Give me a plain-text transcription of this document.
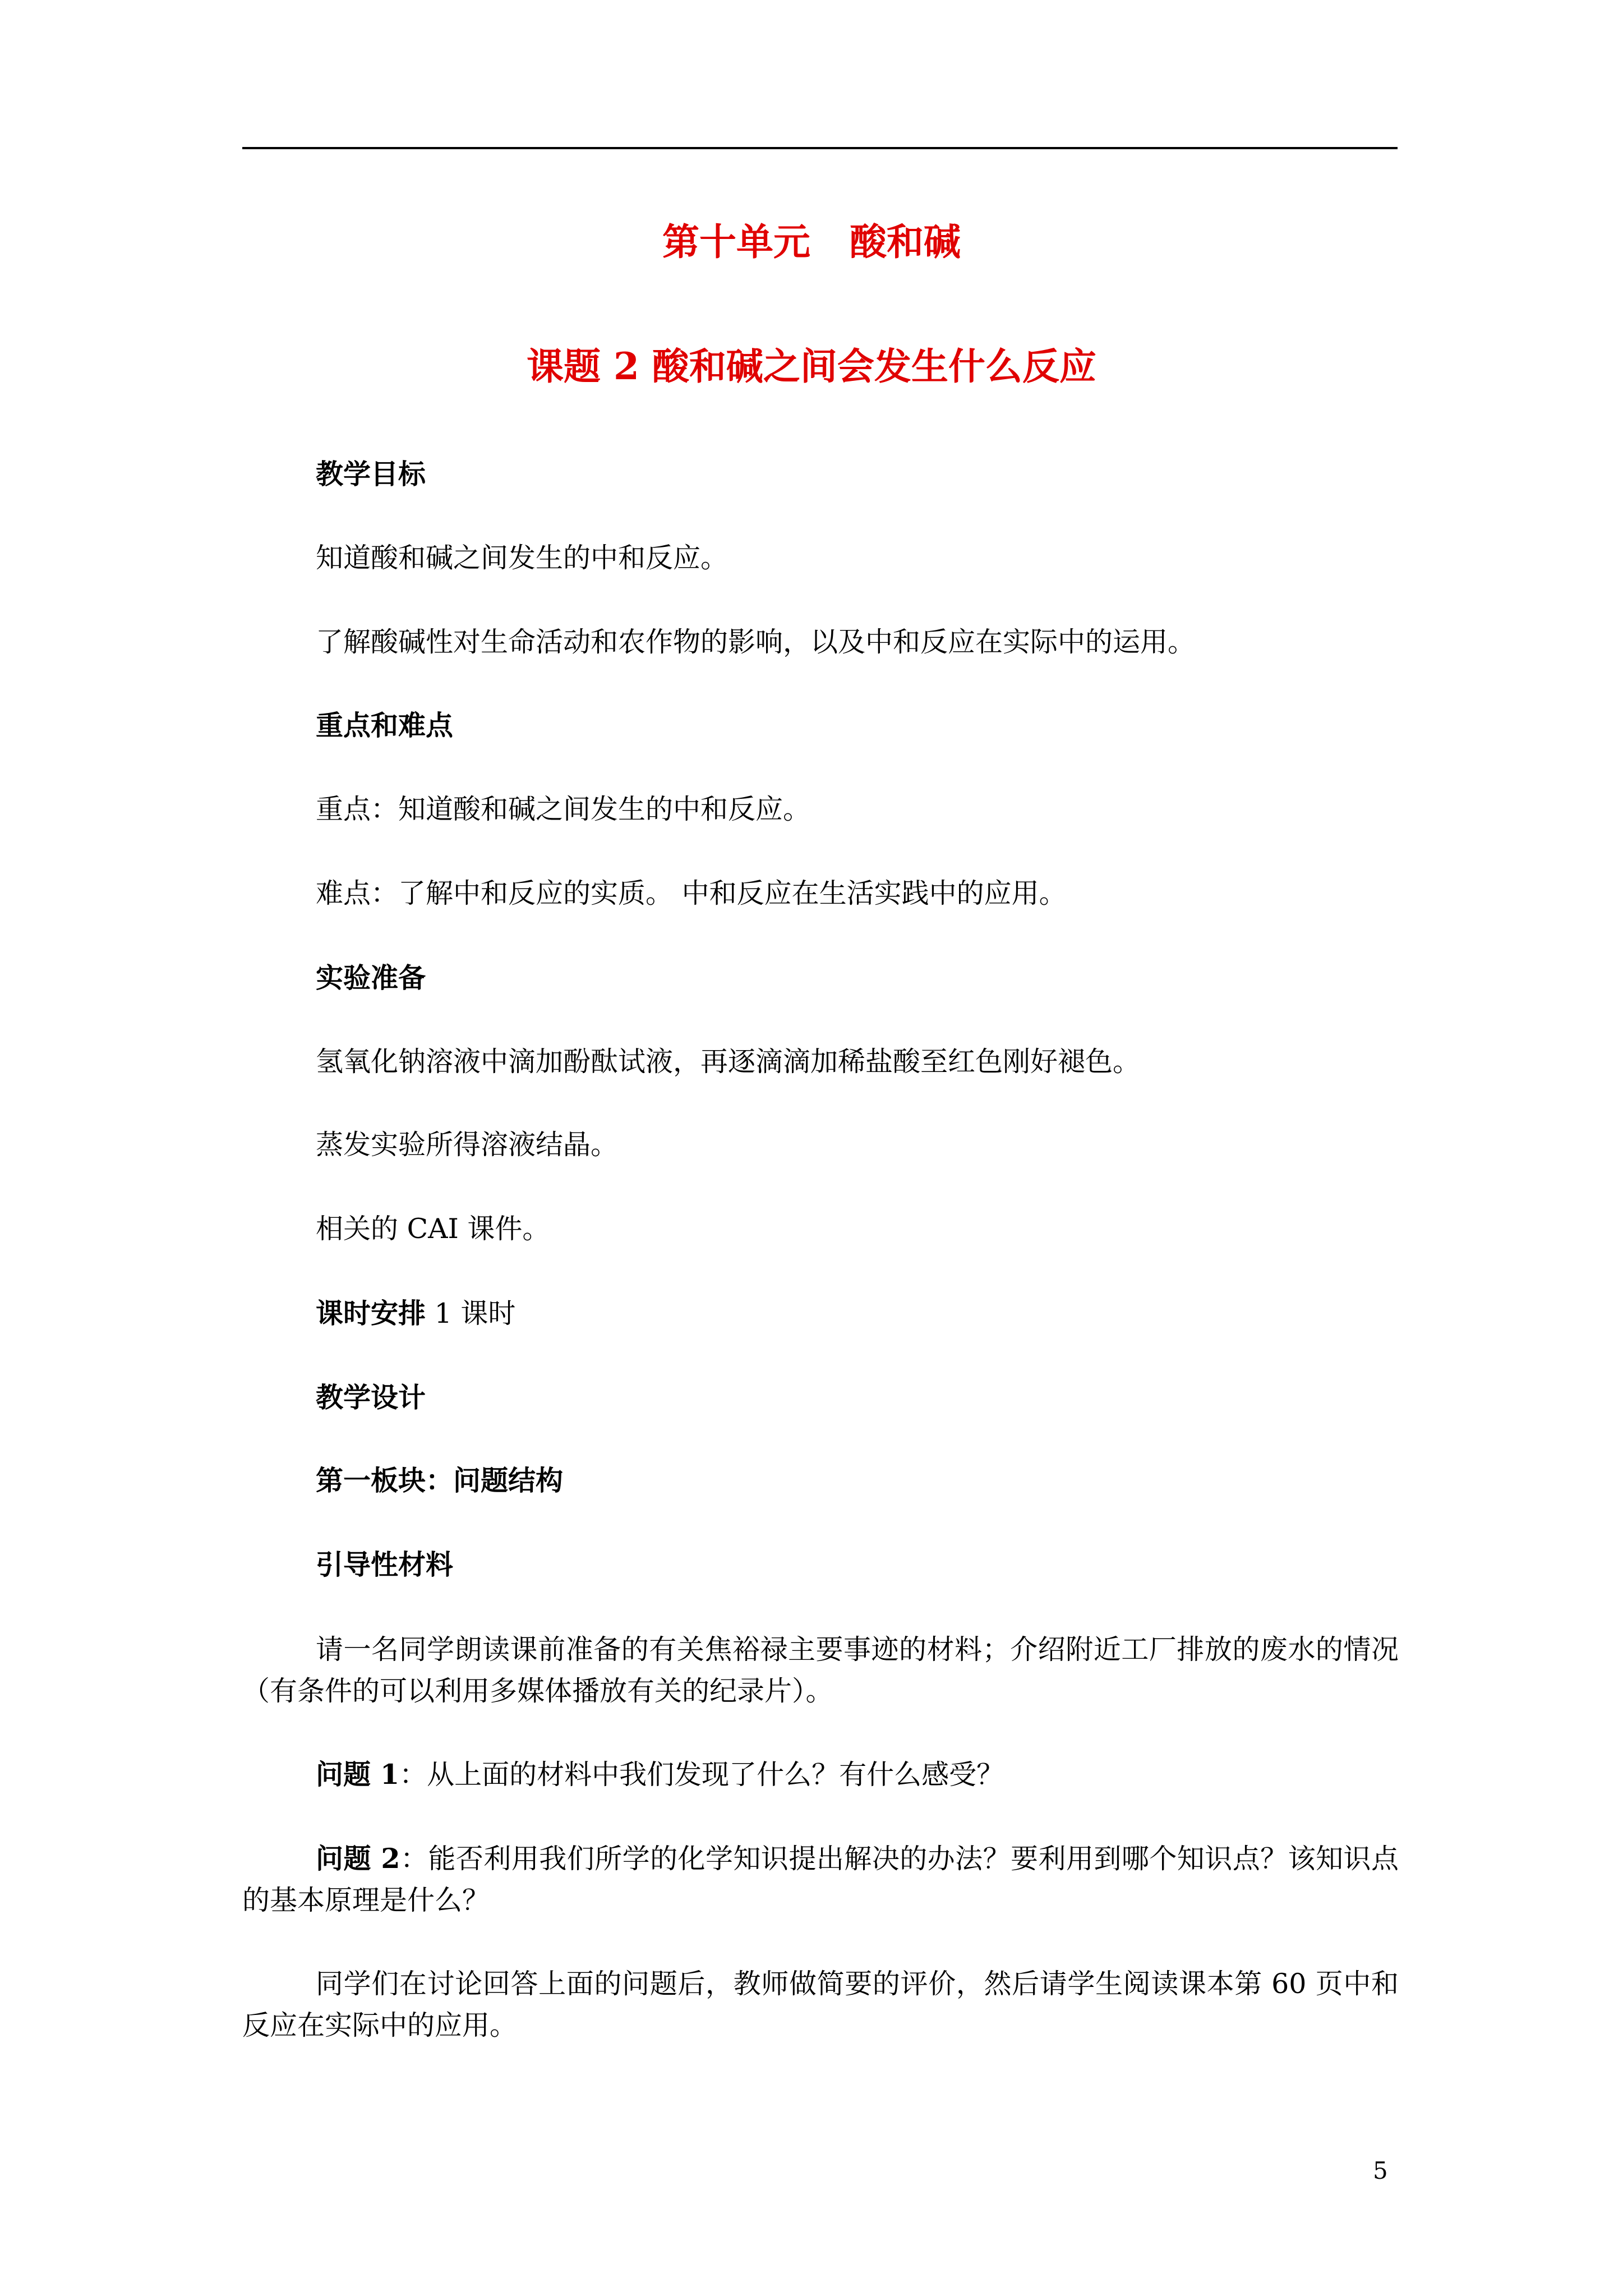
第十单元 酸和碱
课题 2 酸和碱之间会发生什么反应

教学目标

知道酸和碱之间发生的中和反应。

了解酸碱性对生命活动和农作物的影响，以及中和反应在实际中的运用。

重点和难点

重点：知道酸和碱之间发生的中和反应。

难点：了解中和反应的实质。 中和反应在生活实践中的应用。

实验准备

氢氧化钠溶液中滴加酚酞试液，再逐滴滴加稀盐酸至红色刚好褪色。

蒸发实验所得溶液结晶。

相关的 CAI 课件。

课时安排 1 课时

教学设计

第一板块：问题结构

引导性材料

请一名同学朗读课前准备的有关焦裕禄主要事迹的材料；介绍附近工厂排放的废水的情况（有条件的可以利用多媒体播放有关的纪录片）。

问题 1：从上面的材料中我们发现了什么？有什么感受？

问题 2：能否利用我们所学的化学知识提出解决的办法？要利用到哪个知识点？该知识点的基本原理是什么？

同学们在讨论回答上面的问题后，教师做简要的评价，然后请学生阅读课本第 60 页中和反应在实际中的应用。

5
